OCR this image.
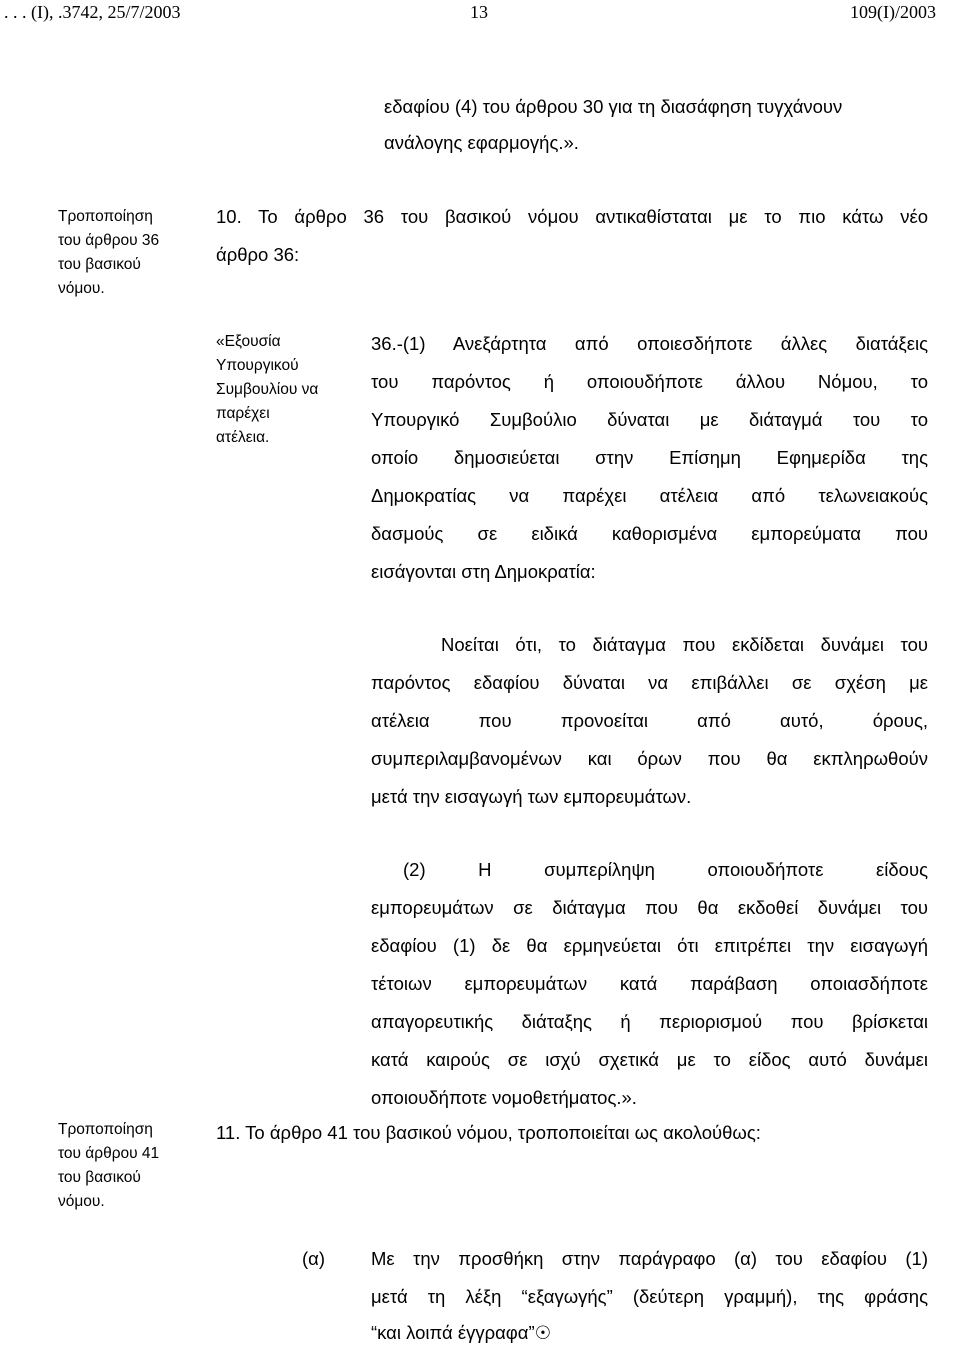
. . . (Ι), .3742, 25/7/2003	13	109(Ι)/2003
Τροποποίηση
του άρθρου 36
του βασικού
νόμου.
«Εξουσία
Υπουργικού
Συμβουλίου να
παρέχει
ατέλεια.
Τροποποίηση
του άρθρου 41
του βασικού
νόμου.
εδαφίου (4) του άρθρου 30 για τη διασάφηση τυγχάνουν
ανάλογης εφαρμογής.».
10. Το άρθρο 36 του βασικού νόμου αντικαθίσταται με το πιο κάτω νέο
άρθρο 36:
36.-(1) Ανεξάρτητα από οποιεσδήποτε άλλες διατάξεις
του παρόντος ή οποιουδήποτε άλλου Νόμου, το
Υπουργικό Συμβούλιο δύναται με διάταγμά του το
οποίο δημοσιεύεται στην Επίσημη Εφημερίδα της
Δημοκρατίας να παρέχει ατέλεια από τελωνειακούς
δασμούς σε ειδικά καθορισμένα εμπορεύματα που
εισάγονται στη Δημοκρατία:
Νοείται ότι, το διάταγμα που εκδίδεται δυνάμει του
παρόντος εδαφίου δύναται να επιβάλλει σε σχέση με
ατέλεια που προνοείται από αυτό, όρους,
συμπεριλαμβανομένων και όρων που θα εκπληρωθούν
μετά την εισαγωγή των εμπορευμάτων.
(2) Η συμπερίληψη οποιουδήποτε είδους
εμπορευμάτων σε διάταγμα που θα εκδοθεί δυνάμει του
εδαφίου (1) δε θα ερμηνεύεται ότι επιτρέπει την εισαγωγή
τέτοιων εμπορευμάτων κατά παράβαση οποιασδήποτε
απαγορευτικής διάταξης ή περιορισμού που βρίσκεται
κατά καιρούς σε ισχύ σχετικά με το είδος αυτό δυνάμει
οποιουδήποτε νομοθετήματος.».
11. Το άρθρο 41 του βασικού νόμου, τροποποιείται ως ακολούθως:
(α) Με την προσθήκη στην παράγραφο (α) του εδαφίου (1)
μετά τη λέξη “εξαγωγής” (δεύτερη γραμμή), της φράσης
“και λοιπά έγγραφα”☉
